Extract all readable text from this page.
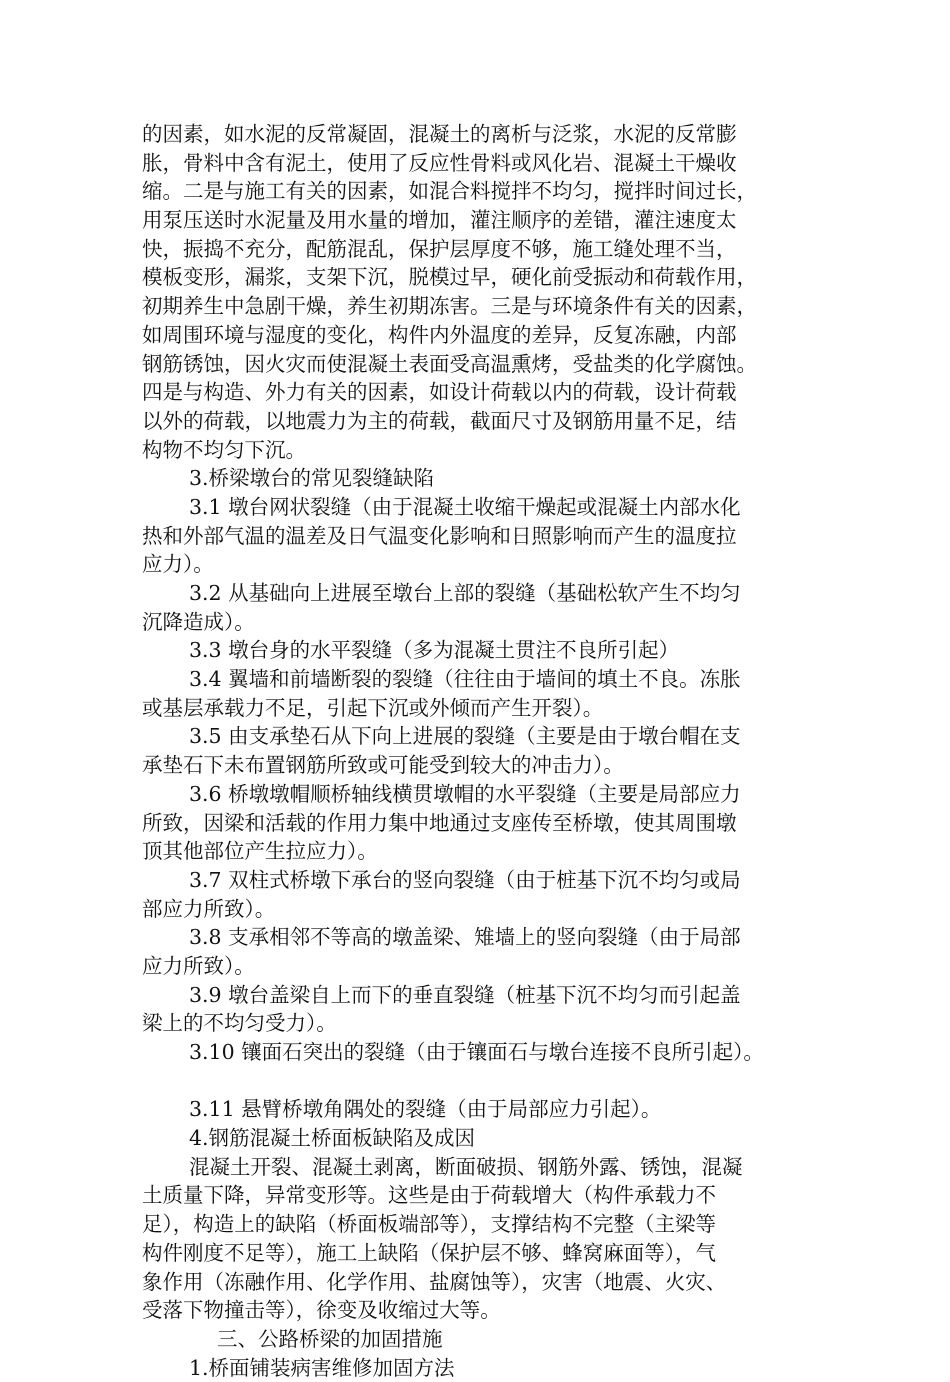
的因素，如水泥的反常凝固，混凝土的离析与泛浆，水泥的反常膨
胀，骨料中含有泥土，使用了反应性骨料或风化岩、混凝土干燥收
缩。二是与施工有关的因素，如混合料搅拌不均匀，搅拌时间过长，
用泵压送时水泥量及用水量的增加，灌注顺序的差错，灌注速度太
快，振捣不充分，配筋混乱，保护层厚度不够，施工缝处理不当，
模板变形，漏浆，支架下沉，脱模过早，硬化前受振动和荷载作用，
初期养生中急剧干燥，养生初期冻害。三是与环境条件有关的因素，
如周围环境与湿度的变化，构件内外温度的差异，反复冻融，内部
钢筋锈蚀，因火灾而使混凝土表面受高温熏烤，受盐类的化学腐蚀。
四是与构造、外力有关的因素，如设计荷载以内的荷载，设计荷载
以外的荷载，以地震力为主的荷载，截面尺寸及钢筋用量不足，结
构物不均匀下沉。
3.桥梁墩台的常见裂缝缺陷
3.1 墩台网状裂缝（由于混凝土收缩干燥起或混凝土内部水化
热和外部气温的温差及日气温变化影响和日照影响而产生的温度拉
应力）。
3.2 从基础向上进展至墩台上部的裂缝（基础松软产生不均匀
沉降造成）。
3.3 墩台身的水平裂缝（多为混凝土贯注不良所引起）
3.4 翼墙和前墙断裂的裂缝（往往由于墙间的填土不良。冻胀
或基层承载力不足，引起下沉或外倾而产生开裂）。
3.5 由支承垫石从下向上进展的裂缝（主要是由于墩台帽在支
承垫石下未布置钢筋所致或可能受到较大的冲击力）。
3.6 桥墩墩帽顺桥轴线横贯墩帽的水平裂缝（主要是局部应力
所致，因梁和活载的作用力集中地通过支座传至桥墩，使其周围墩
顶其他部位产生拉应力）。
3.7 双柱式桥墩下承台的竖向裂缝（由于桩基下沉不均匀或局
部应力所致）。
3.8 支承相邻不等高的墩盖梁、雉墙上的竖向裂缝（由于局部
应力所致）。
3.9 墩台盖梁自上而下的垂直裂缝（桩基下沉不均匀而引起盖
梁上的不均匀受力）。
3.10 镶面石突出的裂缝（由于镶面石与墩台连接不良所引起）。
3.11 悬臂桥墩角隅处的裂缝（由于局部应力引起）。
4.钢筋混凝土桥面板缺陷及成因
混凝土开裂、混凝土剥离，断面破损、钢筋外露、锈蚀，混凝
土质量下降，异常变形等。这些是由于荷载增大（构件承载力不
足），构造上的缺陷（桥面板端部等），支撑结构不完整（主梁等
构件刚度不足等），施工上缺陷（保护层不够、蜂窝麻面等），气
象作用（冻融作用、化学作用、盐腐蚀等），灾害（地震、火灾、
受落下物撞击等），徐变及收缩过大等。
三、公路桥梁的加固措施
1.桥面铺装病害维修加固方法
